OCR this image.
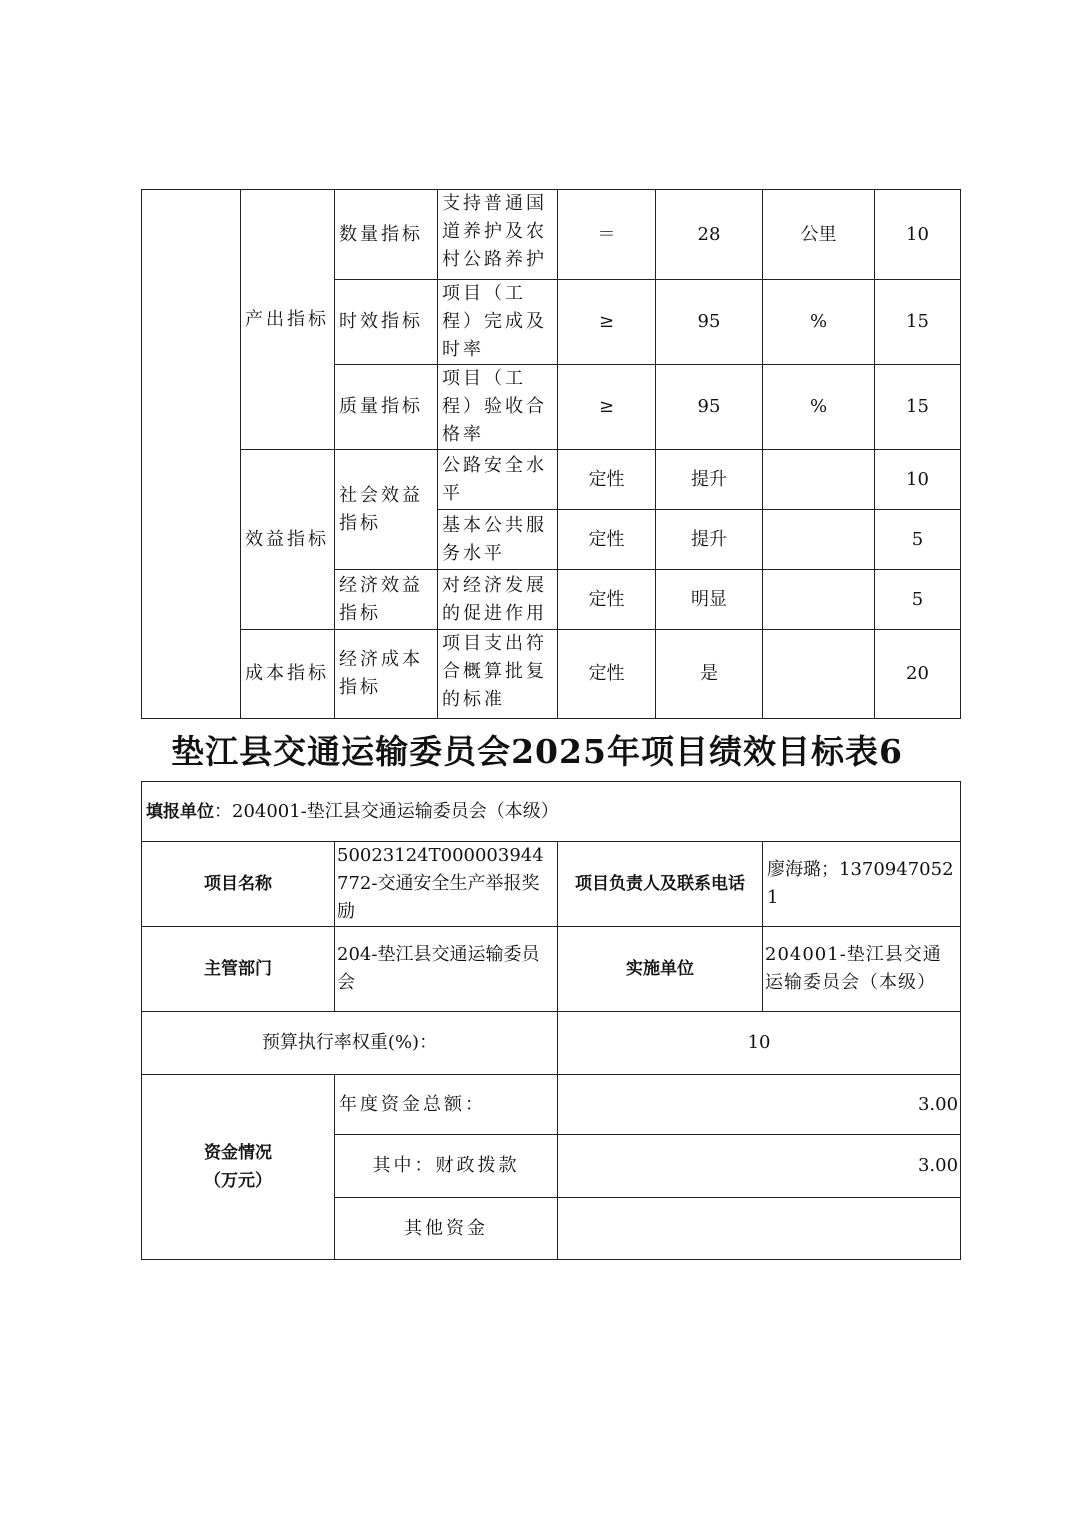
	产出指标	数量指标	支持普通国道养护及农村公路养护	＝	28	公里	10
		时效指标	项目（工程）完成及时率	≥	95	%	15
		质量指标	项目（工程）验收合格率	≥	95	%	15
	效益指标	社会效益指标	公路安全水平	定性	提升		10
			基本公共服务水平	定性	提升		5
		经济效益指标	对经济发展的促进作用	定性	明显		5
	成本指标	经济成本指标	项目支出符合概算批复的标准	定性	是		20
垫江县交通运输委员会2025年项目绩效目标表6
填报单位：204001-垫江县交通运输委员会（本级）			
项目名称	50023124T000003944772-交通安全生产举报奖励	项目负责人及联系电话	廖海璐；13709470521
主管部门	204-垫江县交通运输委员会	实施单位	204001-垫江县交通运输委员会（本级）
预算执行率权重(%)：		10	

资金情况
（万元）	年度资金总额：	3.00	
	其中：财政拨款	3.00	
	其他资金		
